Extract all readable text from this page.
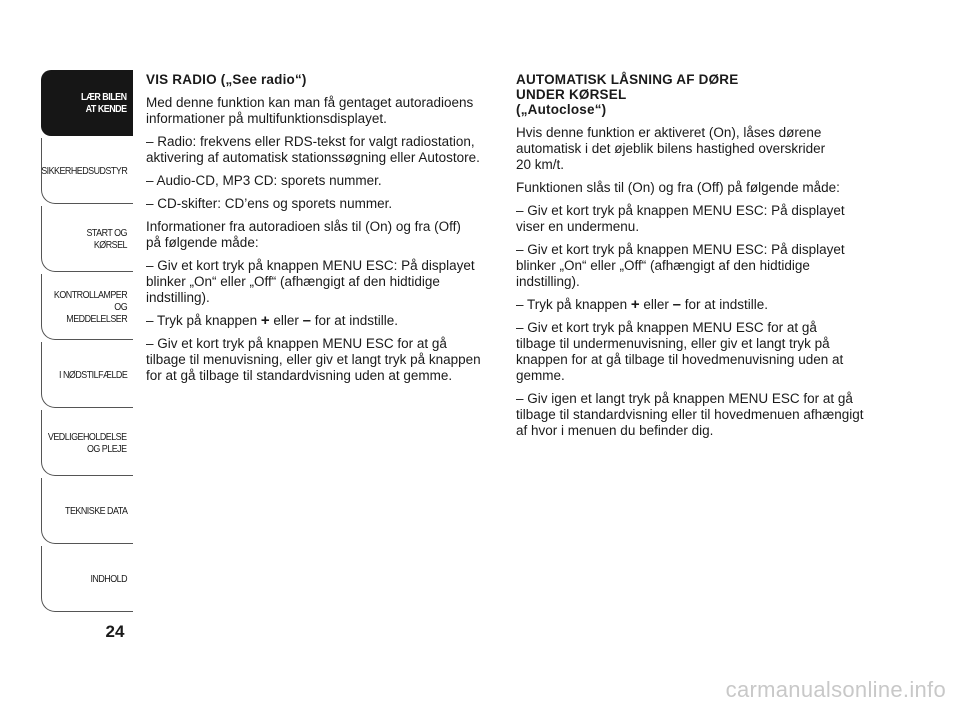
LÆR BILEN
AT KENDE
SIKKERHEDSUDSTYR
START OG KØRSEL
KONTROLLAMPER
OG MEDDELELSER
I NØDSTILFÆLDE
VEDLIGEHOLDELSE
OG PLEJE
TEKNISKE DATA
INDHOLD
24
VIS RADIO („See radio“)

Med denne funktion kan man få gentaget autoradioens
informationer på multifunktionsdisplayet.

– Radio: frekvens eller RDS-tekst for valgt radiostation,
aktivering af automatisk stationssøgning eller Autostore.

– Audio-CD, MP3 CD: sporets nummer.

– CD-skifter: CD’ens og sporets nummer.

Informationer fra autoradioen slås til (On) og fra (Off)
på følgende måde:

– Giv et kort tryk på knappen MENU ESC: På displayet
blinker „On“ eller „Off“ (afhængigt af den hidtidige
indstilling).

– Tryk på knappen + eller – for at indstille.

– Giv et kort tryk på knappen MENU ESC for at gå
tilbage til menuvisning, eller giv et langt tryk på knappen
for at gå tilbage til standardvisning uden at gemme.

AUTOMATISK LÅSNING AF DØRE
UNDER KØRSEL
(„Autoclose“)

Hvis denne funktion er aktiveret (On), låses dørene
automatisk i det øjeblik bilens hastighed overskrider
20 km/t.

Funktionen slås til (On) og fra (Off) på følgende måde:

– Giv et kort tryk på knappen MENU ESC: På displayet
viser en undermenu.

– Giv et kort tryk på knappen MENU ESC: På displayet
blinker „On“ eller „Off“ (afhængigt af den hidtidige
indstilling).

– Tryk på knappen + eller – for at indstille.

– Giv et kort tryk på knappen MENU ESC for at gå
tilbage til undermenuvisning, eller giv et langt tryk på
knappen for at gå tilbage til hovedmenuvisning uden at
gemme.

– Giv igen et langt tryk på knappen MENU ESC for at gå
tilbage til standardvisning eller til hovedmenuen afhængigt
af hvor i menuen du befinder dig.

carmanualsonline.info
